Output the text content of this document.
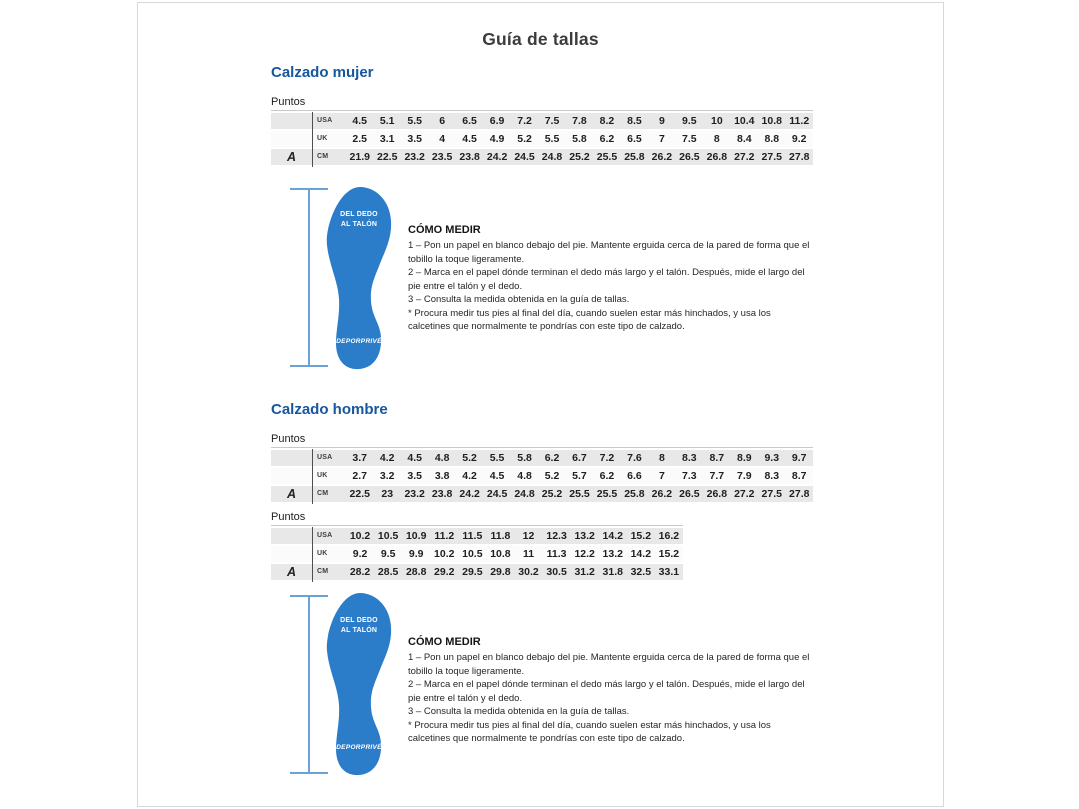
Guía de tallas
Calzado mujer
Puntos
USA	4.5	5.1	5.5	6	6.5	6.9	7.2	7.5	7.8	8.2	8.5	9	9.5	10	10.4 10.8 11.2
UK	2.5	3.1	3.5	4	4.5	4.9	5.2	5.5	5.8	6.2	6.5	7	7.5	8	8.4	8.8	9.2
A	CM	21.9 22.5 23.2 23.5 23.8 24.2 24.5 24.8 25.2 25.5 25.8 26.2 26.5 26.8 27.2 27.5 27.8
DEL DEDO
AL TALÓN
DEPORPRIVÉ
CÓMO MEDIR

1 – Pon un papel en blanco debajo del pie. Mantente erguida cerca de la pared de forma que el tobillo la toque ligeramente.

2 – Marca en el papel dónde terminan el dedo más largo y el talón. Después, mide el largo del pie entre el talón y el dedo.

3 – Consulta la medida obtenida en la guía de tallas.

* Procura medir tus pies al final del día, cuando suelen estar más hinchados, y usa los calcetines que normalmente te pondrías con este tipo de calzado.

Calzado hombre
Puntos
USA	3.7	4.2	4.5	4.8	5.2	5.5	5.8	6.2	6.7	7.2	7.6	8	8.3	8.7	8.9	9.3	9.7
UK	2.7	3.2	3.5	3.8	4.2	4.5	4.8	5.2	5.7	6.2	6.6	7	7.3	7.7	7.9	8.3	8.7
A	CM	22.5	23	23.2 23.8 24.2 24.5 24.8 25.2 25.5 25.5 25.8 26.2 26.5 26.8 27.2 27.5 27.8
Puntos
USA	10.2 10.5 10.9 11.2 11.5 11.8	12	12.3 13.2 14.2 15.2 16.2
UK	9.2	9.5	9.9	10.2 10.5 10.8	11	11.3 12.2 13.2 14.2 15.2
A	CM	28.2 28.5 28.8 29.2 29.5 29.8 30.2 30.5 31.2 31.8 32.5 33.1
DEL DEDO
AL TALÓN
DEPORPRIVÉ
CÓMO MEDIR

1 – Pon un papel en blanco debajo del pie. Mantente erguida cerca de la pared de forma que el tobillo la toque ligeramente.

2 – Marca en el papel dónde terminan el dedo más largo y el talón. Después, mide el largo del pie entre el talón y el dedo.

3 – Consulta la medida obtenida en la guía de tallas.

* Procura medir tus pies al final del día, cuando suelen estar más hinchados, y usa los calcetines que normalmente te pondrías con este tipo de calzado.
